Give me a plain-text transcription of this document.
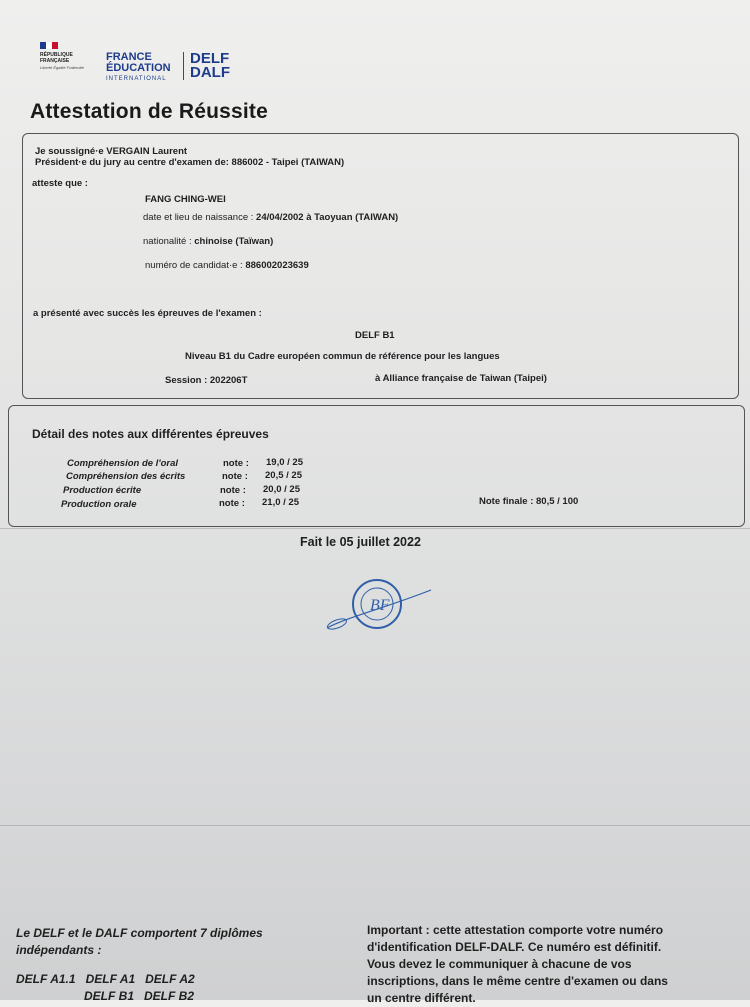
RÉPUBLIQUE
FRANÇAISE
Liberté Égalité Fraternité
FRANCE
ÉDUCATION
INTERNATIONAL
DELF
DALF
Attestation de Réussite
Je soussigné·e VERGAIN Laurent
Président·e du jury au centre d'examen de: 886002 - Taipei (TAIWAN)
atteste que :
FANG CHING-WEI
date et lieu de naissance : 24/04/2002 à Taoyuan (TAIWAN)
nationalité : chinoise (Taïwan)
numéro de candidat·e : 886002023639
a présenté avec succès les épreuves de l'examen :
DELF B1
Niveau B1 du Cadre européen commun de référence pour les langues
Session : 202206T	à Alliance française de Taiwan (Taipei)
Détail des notes aux différentes épreuves
Compréhension de l'oral	note : 19,0 / 25
Compréhension des écrits	note : 20,5 / 25
Production écrite	note : 20,0 / 25
Production orale	note : 21,0 / 25	Note finale : 80,5 / 100
Fait le 05 juillet 2022
BF
Le DELF et le DALF comportent 7 diplômes
indépendants :
DELF A1.1   DELF A1   DELF A2
DELF B1   DELF B2
Important : cette attestation comporte votre numéro
d'identification DELF-DALF. Ce numéro est définitif.
Vous devez le communiquer à chacune de vos
inscriptions, dans le même centre d'examen ou dans
un centre différent.
